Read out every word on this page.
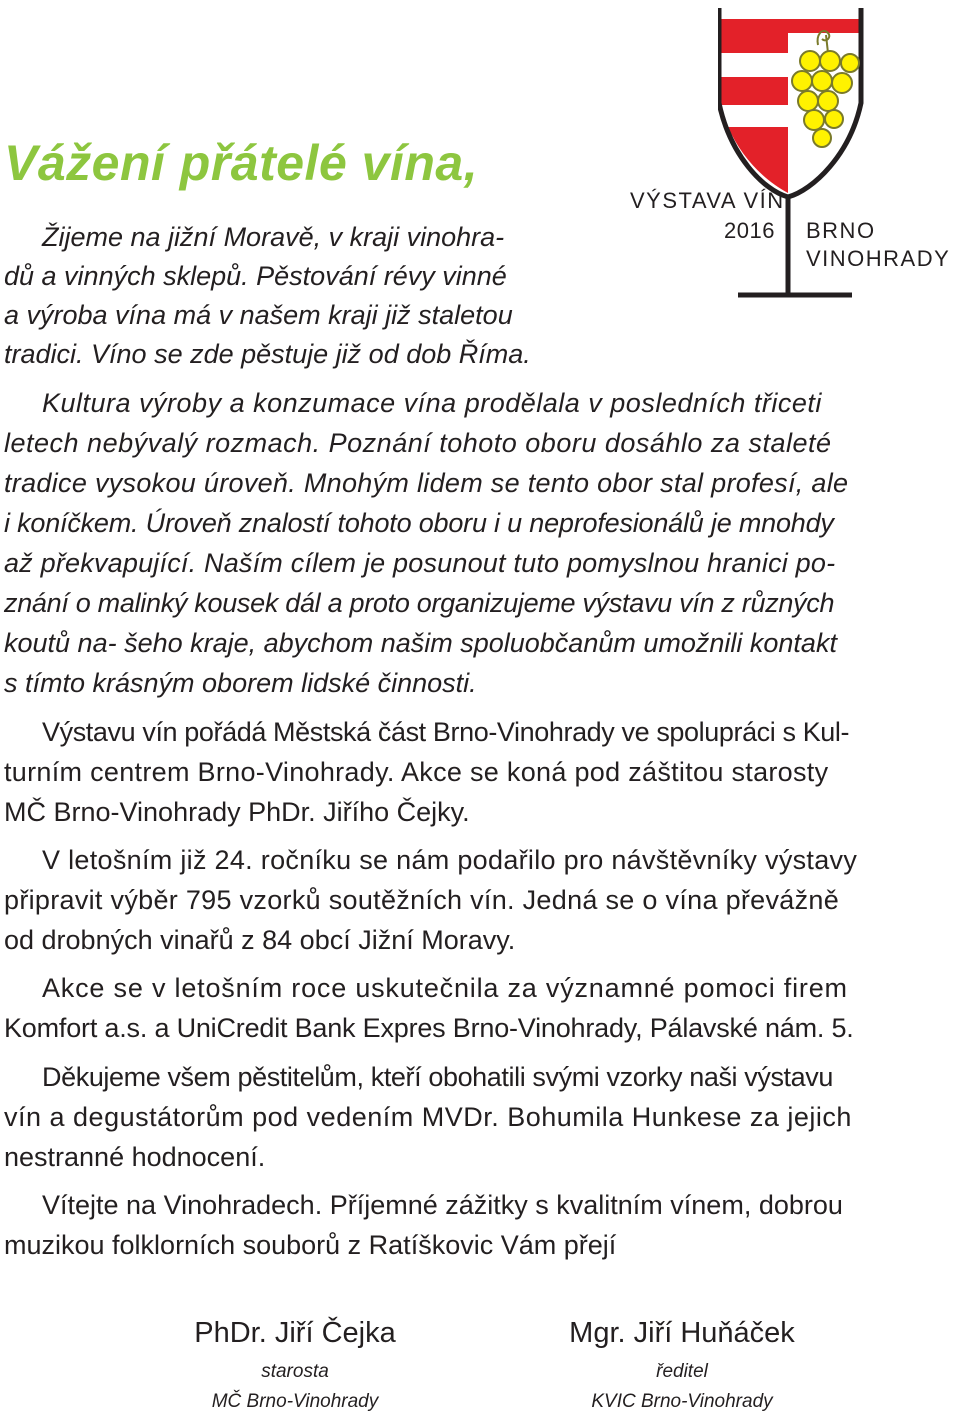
Vážení přátelé vína,
VÝSTAVA VÍN
2016 BRNO
VINOHRADY

Žijeme na jižní Moravě, v kraji vinohra-

dů a vinných sklepů. Pěstování révy vinné

a výroba vína má v našem kraji již staletou

tradici. Víno se zde pěstuje již od dob Říma.

Kultura výroby a konzumace vína prodělala v posledních třiceti

letech nebývalý rozmach. Poznání tohoto oboru dosáhlo za staleté

tradice vysokou úroveň. Mnohým lidem se tento obor stal profesí, ale

i koníčkem. Úroveň znalostí tohoto oboru i u neprofesionálů je mnohdy

až překvapující. Naším cílem je posunout tuto pomyslnou hranici po-

znání o malinký kousek dál a proto organizujeme výstavu vín z různých

koutů na- šeho kraje, abychom našim spoluobčanům umožnili kontakt

s tímto krásným oborem lidské činnosti.

Výstavu vín pořádá Městská část Brno-Vinohrady ve spolupráci s Kul-

turním centrem Brno-Vinohrady. Akce se koná pod záštitou starosty

MČ Brno-Vinohrady PhDr. Jiřího Čejky.

V letošním již 24. ročníku se nám podařilo pro návštěvníky výstavy

připravit výběr 795 vzorků soutěžních vín. Jedná se o vína převážně

od drobných vinařů z 84 obcí Jižní Moravy.

Akce se v letošním roce uskutečnila za významné pomoci firem

Komfort a.s. a UniCredit Bank Expres Brno-Vinohrady, Pálavské nám. 5.

Děkujeme všem pěstitelům, kteří obohatili svými vzorky naši výstavu

vín a degustátorům pod vedením MVDr. Bohumila Hunkese za jejich

nestranné hodnocení.

Vítejte na Vinohradech. Příjemné zážitky s kvalitním vínem, dobrou

muzikou folklorních souborů z Ratíškovic Vám přejí

PhDr. Jiří Čejka
starosta
MČ Brno-Vinohrady
Mgr. Jiří Huňáček
ředitel
KVIC Brno-Vinohrady
